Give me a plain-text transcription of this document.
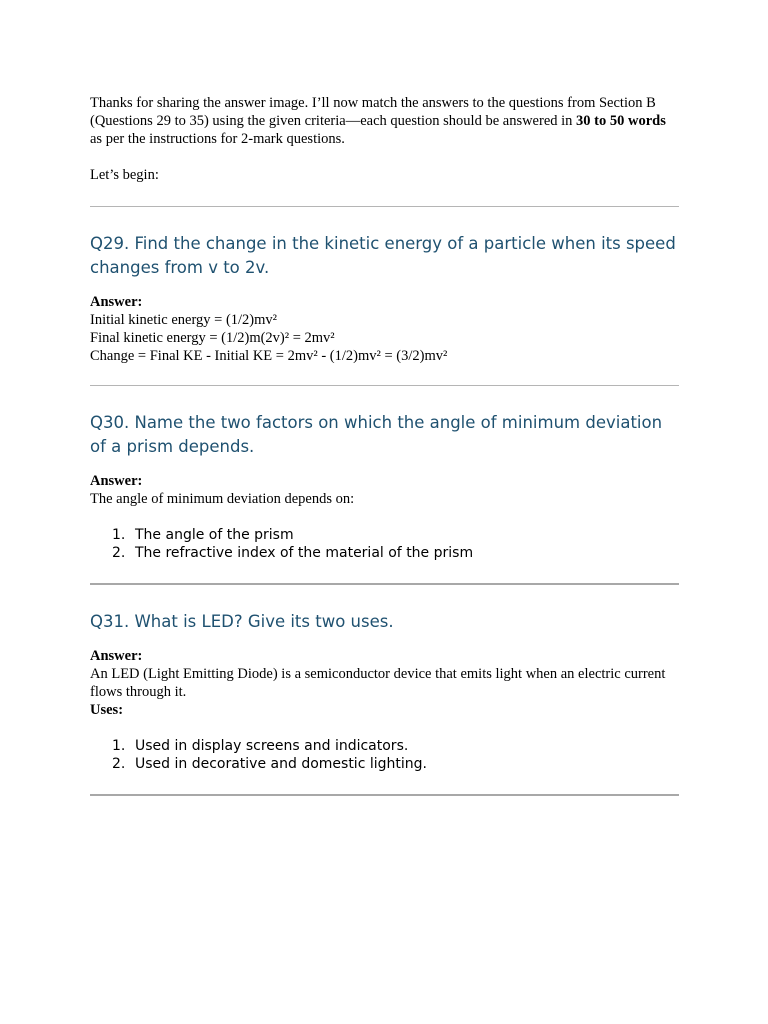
Thanks for sharing the answer image. I’ll now match the answers to the questions from Section B (Questions 29 to 35) using the given criteria—each question should be answered in 30 to 50 words as per the instructions for 2-mark questions.

Let’s begin:

Q29. Find the change in the kinetic energy of a particle when its speed changes from v to 2v.
Answer:
Initial kinetic energy = (1/2)mv²
Final kinetic energy = (1/2)m(2v)² = 2mv²
Change = Final KE - Initial KE = 2mv² - (1/2)mv² = (3/2)mv²
Q30. Name the two factors on which the angle of minimum deviation of a prism depends.
Answer:
The angle of minimum deviation depends on:
1. The angle of the prism
2. The refractive index of the material of the prism
Q31. What is LED? Give its two uses.
Answer:
An LED (Light Emitting Diode) is a semiconductor device that emits light when an electric current flows through it.
Uses:
1. Used in display screens and indicators.
2. Used in decorative and domestic lighting.
